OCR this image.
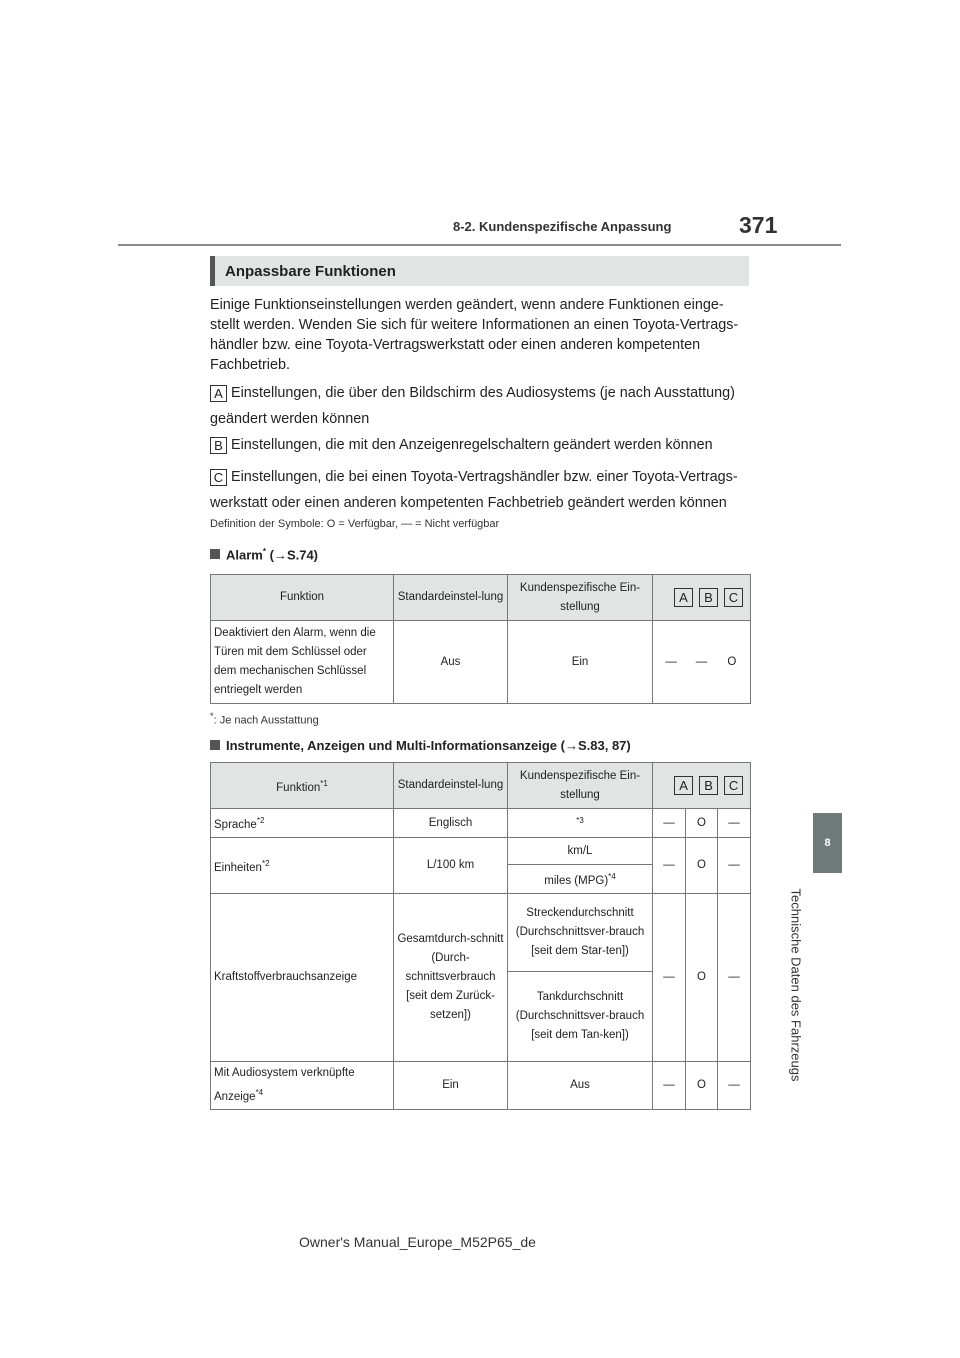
8-2. Kundenspezifische Anpassung	371
8
Technische Daten des Fahrzeugs
Anpassbare Funktionen
Einige Funktionseinstellungen werden geändert, wenn andere Funktionen einge-stellt werden. Wenden Sie sich für weitere Informationen an einen Toyota-Vertrags-händler bzw. eine Toyota-Vertragswerkstatt oder einen anderen kompetenten Fachbetrieb.
A Einstellungen, die über den Bildschirm des Audiosystems (je nach Ausstattung) geändert werden können
B Einstellungen, die mit den Anzeigenregelschaltern geändert werden können
C Einstellungen, die bei einen Toyota-Vertragshändler bzw. einer Toyota-Vertrags-werkstatt oder einen anderen kompetenten Fachbetrieb geändert werden können
Definition der Symbole: O = Verfügbar, — = Nicht verfügbar
Alarm* (→S.74)
Funktion	Standardeinstel-lung	Kundenspezifische Ein-stellung	A B C

Deaktiviert den Alarm, wenn die Türen mit dem Schlüssel oder dem mechanischen Schlüssel entriegelt werden	Aus	Ein	— — O
*: Je nach Ausstattung
Instrumente, Anzeigen und Multi-Informationsanzeige (→S.83, 87)
Funktion$^{*1}$	Standardeinstel-lung	Kundenspezifische Ein-stellung	A B C		

Sprache$^{*2}$	Englisch	*3	—	O	—
Einheiten$^{*2}$	L/100 km	km/L	—	O	—
		miles (MPG)$^{*4}$
Kraftstoffverbrauchsanzeige	Gesamtdurch-schnitt (Durch-schnittsverbrauch [seit dem Zurück-setzen])	Streckendurchschnitt (Durchschnittsver-brauch [seit dem Star-ten])	—	O	—
		Tankdurchschnitt (Durchschnittsver-brauch [seit dem Tan-ken])			
Mit Audiosystem verknüpfte Anzeige$^{*4}$	Ein	Aus	—	O	—
Owner's Manual_Europe_M52P65_de
